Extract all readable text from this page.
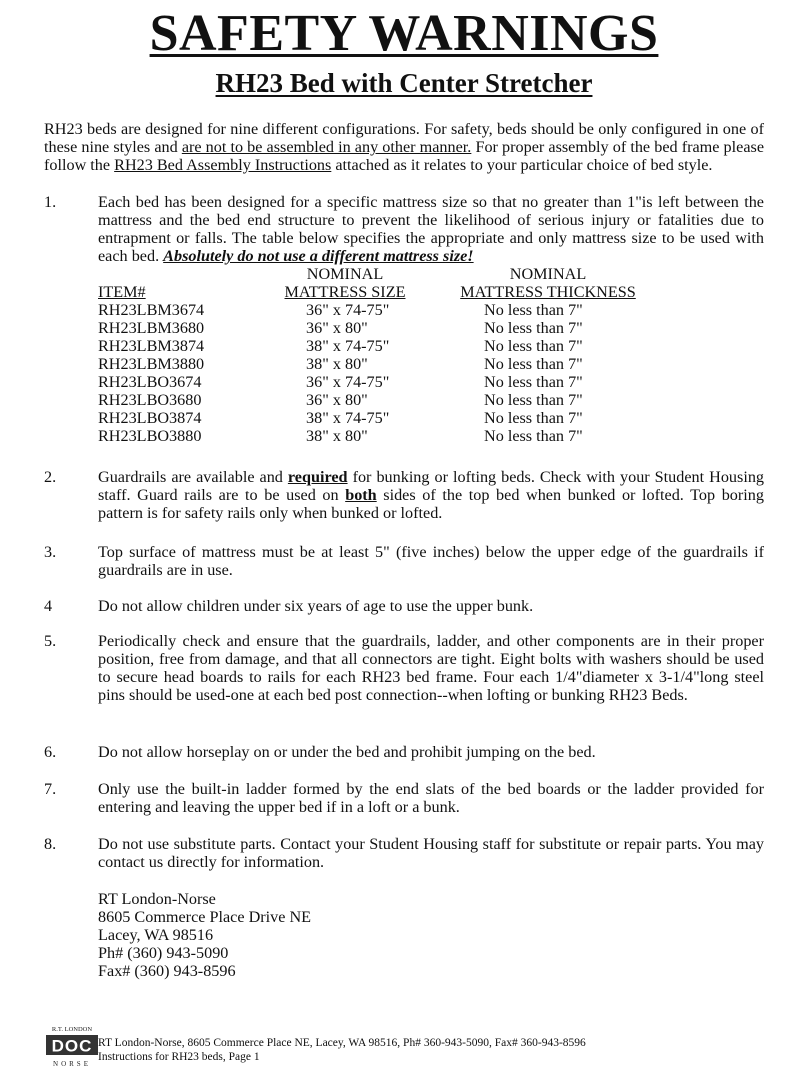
SAFETY WARNINGS
RH23 Bed with Center Stretcher
RH23 beds are designed for nine different configurations. For safety, beds should be only configured in one of these nine styles and are not to be assembled in any other manner. For proper assembly of the bed frame please follow the RH23 Bed Assembly Instructions attached as it relates to your particular choice of bed style.
1.	Each bed has been designed for a specific mattress size so that no greater than 1"is left between the mattress and the bed end structure to prevent the likelihood of serious injury or fatalities due to entrapment or falls. The table below specifies the appropriate and only mattress size to be used with each bed. Absolutely do not use a different mattress size!
	NOMINAL	NOMINAL
ITEM#	MATTRESS SIZE	MATTRESS THICKNESS
RH23LBM3674	36" x 74-75"	No less than 7"
RH23LBM3680	36" x 80"	No less than 7"
RH23LBM3874	38" x 74-75"	No less than 7"
RH23LBM3880	38" x 80"	No less than 7"
RH23LBO3674	36" x 74-75"	No less than 7"
RH23LBO3680	36" x 80"	No less than 7"
RH23LBO3874	38" x 74-75"	No less than 7"
RH23LBO3880	38" x 80"	No less than 7"
2.	Guardrails are available and required for bunking or lofting beds. Check with your Student Housing staff. Guard rails are to be used on both sides of the top bed when bunked or lofted. Top boring pattern is for safety rails only when bunked or lofted.
3.	Top surface of mattress must be at least 5" (five inches) below the upper edge of the guardrails if guardrails are in use.
4	Do not allow children under six years of age to use the upper bunk.
5.	Periodically check and ensure that the guardrails, ladder, and other components are in their proper position, free from damage, and that all connectors are tight. Eight bolts with washers should be used to secure head boards to rails for each RH23 bed frame. Four each 1/4"diameter x 3-1/4"long steel pins should be used-one at each bed post connection--when lofting or bunking RH23 Beds.
6.	Do not allow horseplay on or under the bed and prohibit jumping on the bed.
7.	Only use the built-in ladder formed by the end slats of the bed boards or the ladder provided for entering and leaving the upper bed if in a loft or a bunk.
8.	Do not use substitute parts. Contact your Student Housing staff for substitute or repair parts. You may contact us directly for information.
RT London-Norse
8605 Commerce Place Drive NE
Lacey, WA 98516
Ph# (360) 943-5090
Fax# (360) 943-8596
R.T. LONDON
DOC
NORSE
RT London-Norse, 8605 Commerce Place NE, Lacey, WA 98516, Ph# 360-943-5090, Fax# 360-943-8596
Instructions for RH23 beds, Page 1
